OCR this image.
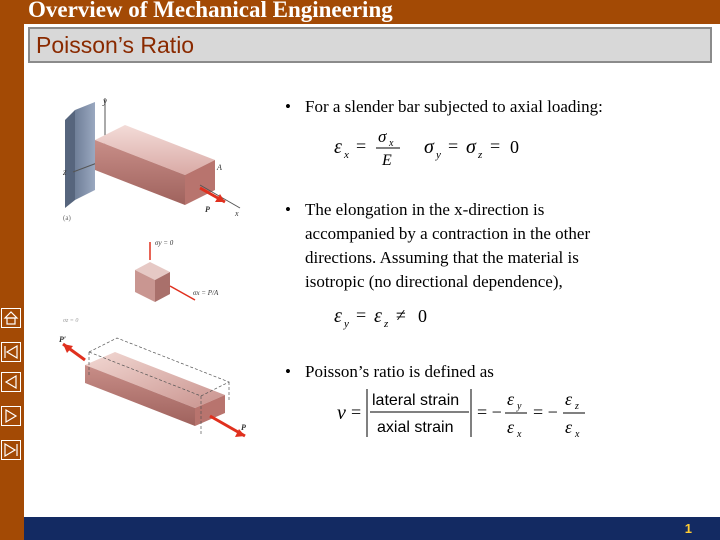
Overview of Mechanical Engineering
Poisson’s Ratio
y
z	A
x
P
(a)
σy = 0
σx = P/A
σz = 0
P′
P
• For a slender bar subjected to axial loading:
ε x = σ x
E
σ y = σ z = 0
• The elongation in the x-direction is
accompanied by a contraction in the other
directions. Assuming that the material is
isotropic (no directional dependence),
ε y = ε z ≠ 0
• Poisson’s ratio is defined as
ν =
lateral strain
axial strain
= −
ε y
ε x
= −
ε z
ε x
1
